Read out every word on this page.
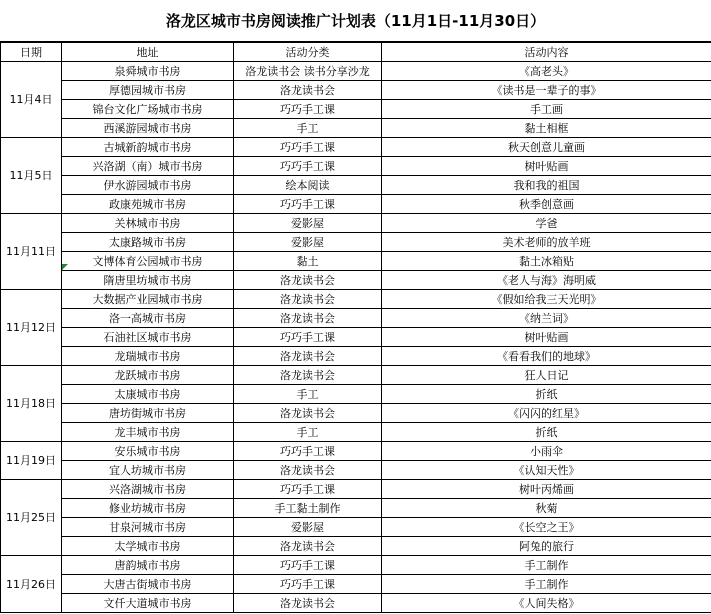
洛龙区城市书房阅读推广计划表（11月1日-11月30日）
日期	地址	活动分类	活动内容
11月4日	泉舜城市书房	洛龙读书会 读书分享沙龙	《高老头》
	厚德园城市书房	洛龙读书会	《读书是一辈子的事》
	锦台文化广场城市书房	巧巧手工课	手工画
	西溪游园城市书房	手工	黏土相框
11月5日	古城新韵城市书房	巧巧手工课	秋天创意儿童画
	兴洛湖（南）城市书房	巧巧手工课	树叶贴画
	伊水游园城市书房	绘本阅读	我和我的祖国
	政康苑城市书房	巧巧手工课	秋季创意画
11月11日	关林城市书房	爱影屋	学爸
	太康路城市书房	爱影屋	美术老师的放羊班
	文博体育公园城市书房	黏土	黏土冰箱贴
	隋唐里坊城市书房	洛龙读书会	《老人与海》海明威
11月12日	大数据产业园城市书房	洛龙读书会	《假如给我三天光明》
	洛一高城市书房	洛龙读书会	《纳兰词》
	石油社区城市书房	巧巧手工课	树叶贴画
	龙瑞城市书房	洛龙读书会	《看看我们的地球》
11月18日	龙跃城市书房	洛龙读书会	狂人日记
	太康城市书房	手工	折纸
	唐坊街城市书房	洛龙读书会	《闪闪的红星》
	龙丰城市书房	手工	折纸
11月19日	安乐城市书房	巧巧手工课	小雨伞
	宜人坊城市书房	洛龙读书会	《认知天性》
11月25日	兴洛湖城市书房	巧巧手工课	树叶丙烯画
	修业坊城市书房	手工黏土制作	秋菊
	甘泉河城市书房	爱影屋	《长空之王》
	太学城市书房	洛龙读书会	阿兔的旅行
11月26日	唐韵城市书房	巧巧手工课	手工制作
	大唐古街城市书房	巧巧手工课	手工制作
	文仟大道城市书房	洛龙读书会	《人间失格》
